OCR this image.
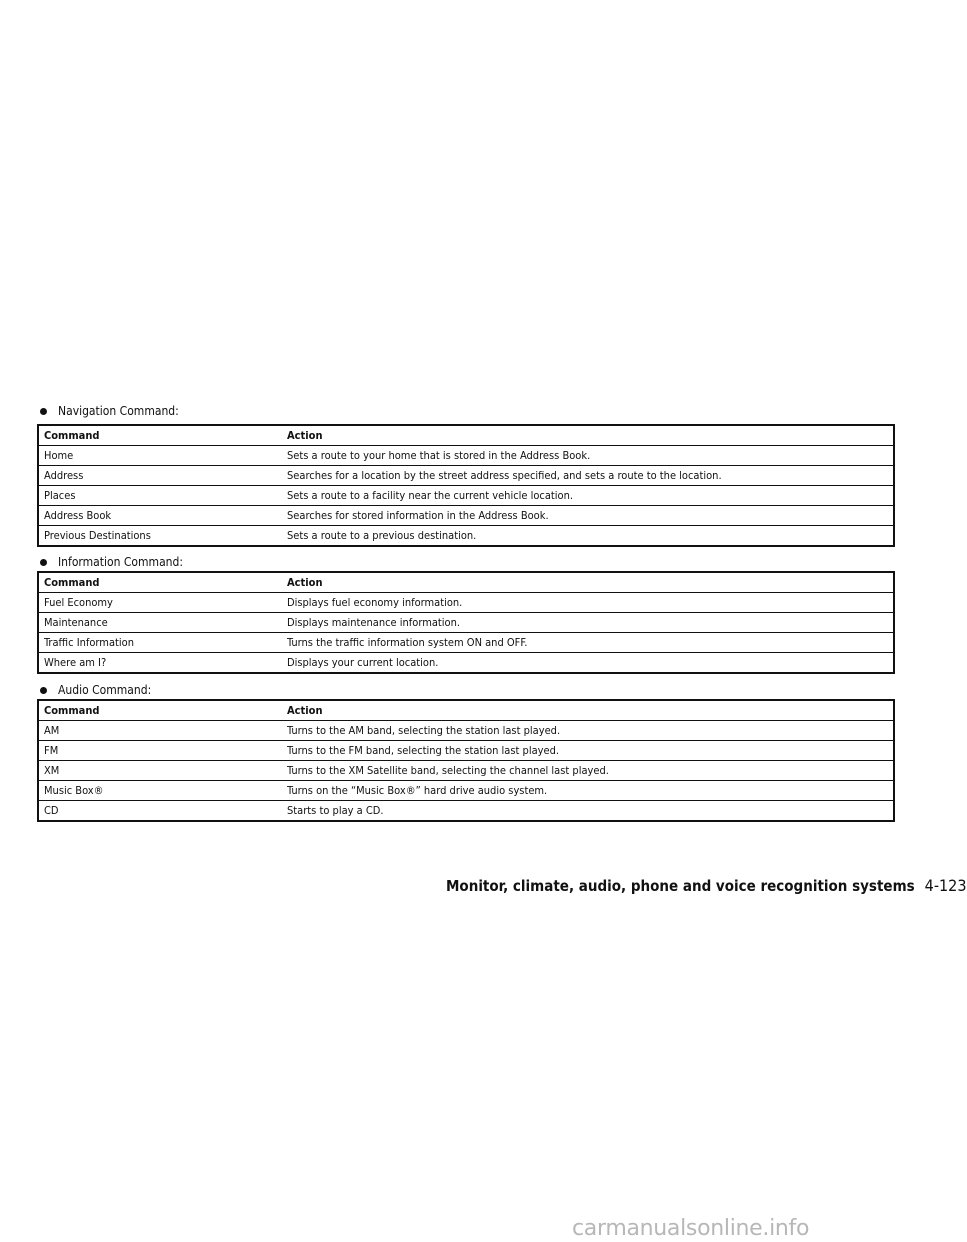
Navigation Command:
Command	Action
Home	Sets a route to your home that is stored in the Address Book.
Address	Searches for a location by the street address specified, and sets a route to the location.
Places	Sets a route to a facility near the current vehicle location.
Address Book	Searches for stored information in the Address Book.
Previous Destinations	Sets a route to a previous destination.
Information Command:
Command	Action
Fuel Economy	Displays fuel economy information.
Maintenance	Displays maintenance information.
Traffic Information	Turns the traffic information system ON and OFF.
Where am I?	Displays your current location.
Audio Command:
Command	Action
AM	Turns to the AM band, selecting the station last played.
FM	Turns to the FM band, selecting the station last played.
XM	Turns to the XM Satellite band, selecting the channel last played.
Music Box®	Turns on the “Music Box®” hard drive audio system.
CD	Starts to play a CD.
Monitor, climate, audio, phone and voice recognition systems 4-123
carmanualsonline.info
